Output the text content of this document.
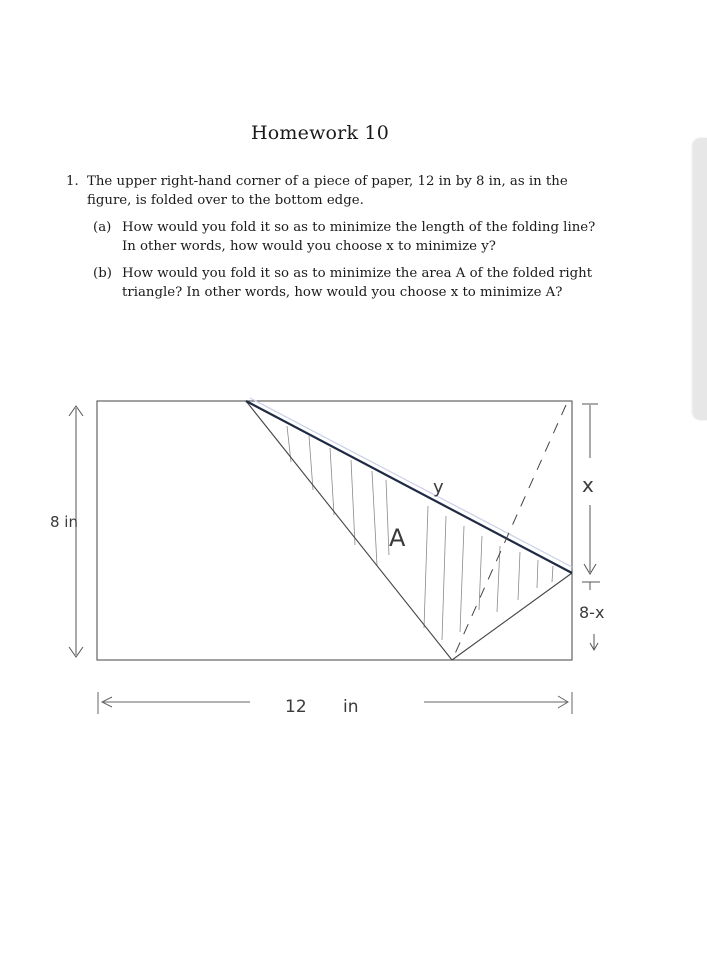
Homework 10
1. The upper right-hand corner of a piece of paper, 12 in by 8 in, as in the figure, is folded over to the bottom edge.
(a) How would you fold it so as to minimize the length of the folding line? In other words, how would you choose x to minimize y?
(b) How would you fold it so as to minimize the area A of the folded right triangle? In other words, how would you choose x to minimize A?
8 in
y
A
x
8-x
12 in
